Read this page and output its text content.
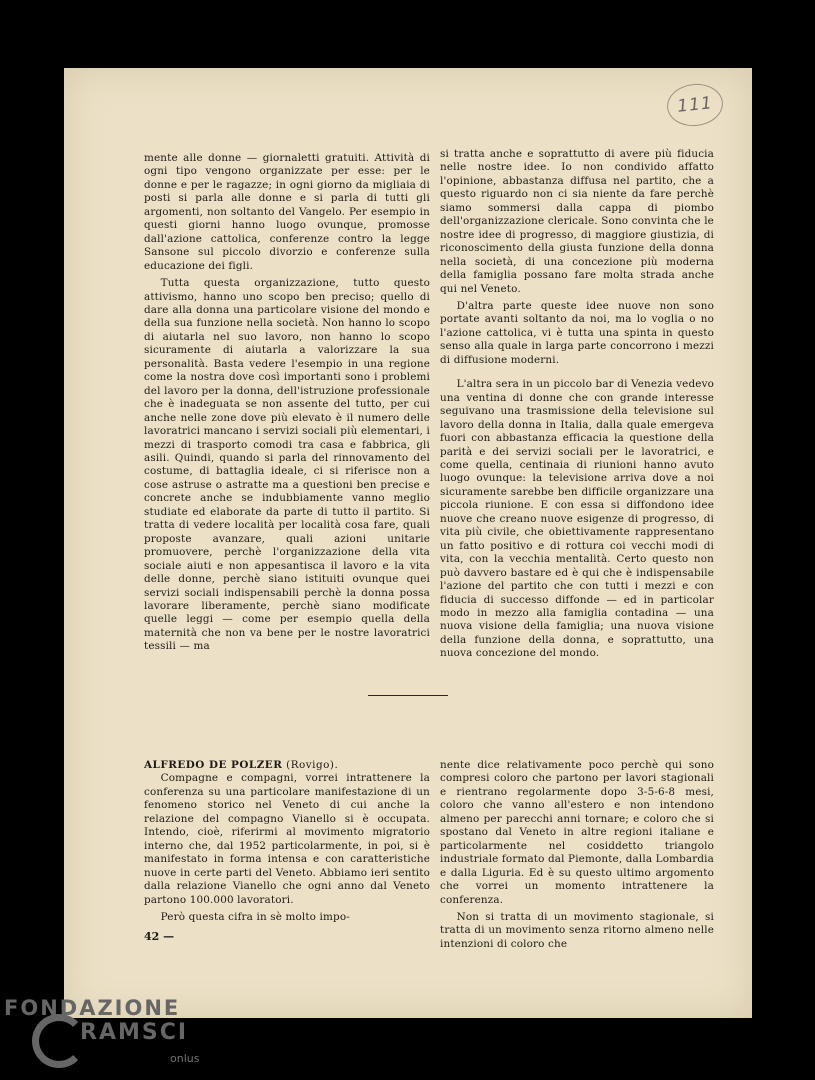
111

mente alle donne — giornaletti gratuiti. Attività di ogni tipo vengono organizzate per esse: per le donne e per le ragazze; in ogni giorno da migliaia di posti si parla alle donne e si parla di tutti gli argomenti, non soltanto del Vangelo. Per esempio in questi giorni hanno luogo ovunque, promosse dall'azione cattolica, conferenze contro la legge Sansone sul piccolo divorzio e conferenze sulla educazione dei figli.

Tutta questa organizzazione, tutto questo attivismo, hanno uno scopo ben preciso; quello di dare alla donna una particolare visione del mondo e della sua funzione nella società. Non hanno lo scopo di aiutarla nel suo lavoro, non hanno lo scopo sicuramente di aiutarla a valorizzare la sua personalità. Basta vedere l'esempio in una regione come la nostra dove così importanti sono i problemi del lavoro per la donna, dell'istruzione professionale che è inadeguata se non assente del tutto, per cui anche nelle zone dove più elevato è il numero delle lavoratrici mancano i servizi sociali più elementari, i mezzi di trasporto comodi tra casa e fabbrica, gli asili. Quindi, quando si parla del rinnovamento del costume, di battaglia ideale, ci si riferisce non a cose astruse o astratte ma a questioni ben precise e concrete anche se indubbiamente vanno meglio studiate ed elaborate da parte di tutto il partito. Si tratta di vedere località per località cosa fare, quali proposte avanzare, quali azioni unitarie promuovere, perchè l'organizzazione della vita sociale aiuti e non appesantisca il lavoro e la vita delle donne, perchè siano istituiti ovunque quei servizi sociali indispensabili perchè la donna possa lavorare liberamente, perchè siano modificate quelle leggi — come per esempio quella della maternità che non va bene per le nostre lavoratrici tessili — ma

si tratta anche e soprattutto di avere più fiducia nelle nostre idee. Io non condivido affatto l'opinione, abbastanza diffusa nel partito, che a questo riguardo non ci sia niente da fare perchè siamo sommersi dalla cappa di piombo dell'organizzazione clericale. Sono convinta che le nostre idee di progresso, di maggiore giustizia, di riconoscimento della giusta funzione della donna nella società, di una concezione più moderna della famiglia possano fare molta strada anche qui nel Veneto.

D'altra parte queste idee nuove non sono portate avanti soltanto da noi, ma lo voglia o no l'azione cattolica, vi è tutta una spinta in questo senso alla quale in larga parte concorrono i mezzi di diffusione moderni.

L'altra sera in un piccolo bar di Venezia vedevo una ventina di donne che con grande interesse seguivano una trasmissione della televisione sul lavoro della donna in Italia, dalla quale emergeva fuori con abbastanza efficacia la questione della parità e dei servizi sociali per le lavoratrici, e come quella, centinaia di riunioni hanno avuto luogo ovunque: la televisione arriva dove a noi sicuramente sarebbe ben difficile organizzare una piccola riunione. E con essa si diffondono idee nuove che creano nuove esigenze di progresso, di vita più civile, che obiettivamente rappresentano un fatto positivo e di rottura coi vecchi modi di vita, con la vecchia mentalità. Certo questo non può davvero bastare ed è qui che è indispensabile l'azione del partito che con tutti i mezzi e con fiducia di successo diffonde — ed in particolar modo in mezzo alla famiglia contadina — una nuova visione della famiglia; una nuova visione della funzione della donna, e soprattutto, una nuova concezione del mondo.

ALFREDO DE POLZER (Rovigo).

Compagne e compagni, vorrei intrattenere la conferenza su una particolare manifestazione di un fenomeno storico nel Veneto di cui anche la relazione del compagno Vianello si è occupata. Intendo, cioè, riferirmi al movimento migratorio interno che, dal 1952 particolarmente, in poi, si è manifestato in forma intensa e con caratteristiche nuove in certe parti del Veneto. Abbiamo ieri sentito dalla relazione Vianello che ogni anno dal Veneto partono 100.000 lavoratori.

Però questa cifra in sè molto impo-

nente dice relativamente poco perchè qui sono compresi coloro che partono per lavori stagionali e rientrano regolarmente dopo 3-5-6-8 mesi, coloro che vanno all'estero e non intendono almeno per parecchi anni tornare; e coloro che si spostano dal Veneto in altre regioni italiane e particolarmente nel cosiddetto triangolo industriale formato dal Piemonte, dalla Lombardia e dalla Liguria. Ed è su questo ultimo argomento che vorrei un momento intrattenere la conferenza.

Non si tratta di un movimento stagionale, si tratta di un movimento senza ritorno almeno nelle intenzioni di coloro che

42 —
FONDAZIONE
RAMSCI
onlus
